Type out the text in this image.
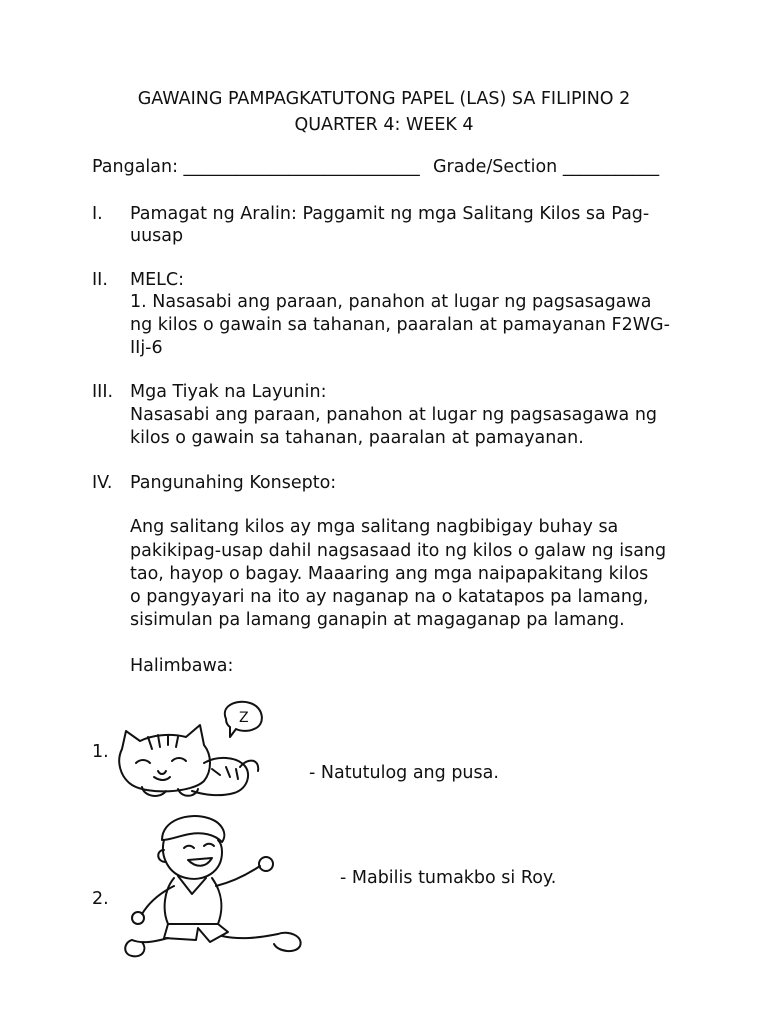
GAWAING PAMPAGKATUTONG PAPEL (LAS) SA FILIPINO 2
QUARTER 4: WEEK 4
Pangalan: ___________________________ Grade/Section ___________
I. Pamagat ng Aralin: Paggamit ng mga Salitang Kilos sa Pag-
uusap
II. MELC:
1. Nasasabi ang paraan, panahon at lugar ng pagsasagawa
ng kilos o gawain sa tahanan, paaralan at pamayanan F2WG-
IIj-6
III. Mga Tiyak na Layunin:
Nasasabi ang paraan, panahon at lugar ng pagsasagawa ng
kilos o gawain sa tahanan, paaralan at pamayanan.
IV. Pangunahing Konsepto:
Ang salitang kilos ay mga salitang nagbibigay buhay sa
pakikipag-usap dahil nagsasaad ito ng kilos o galaw ng isang
tao, hayop o bagay. Maaaring ang mga naipapakitang kilos
o pangyayari na ito ay naganap na o katatapos pa lamang,
sisimulan pa lamang ganapin at magaganap pa lamang.
Halimbawa:
1.
- Natutulog ang pusa.
Z
2.
- Mabilis tumakbo si Roy.
